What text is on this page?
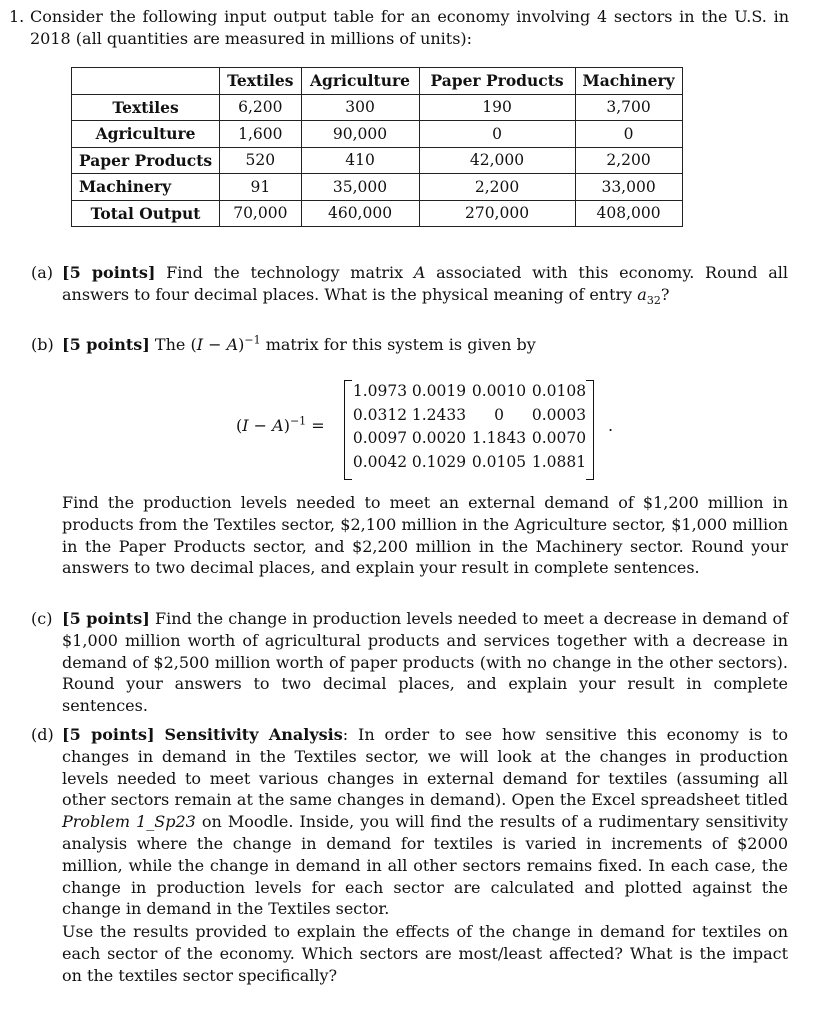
1. Consider the following input output table for an economy involving 4 sectors in the U.S. in 2018 (all quantities are measured in millions of units):
	Textiles	Agriculture	Paper Products	Machinery
Textiles	6,200	300	190	3,700
Agriculture	1,600	90,000	0	0
Paper Products	520	410	42,000	2,200
Machinery	91	35,000	2,200	33,000
Total Output	70,000	460,000	270,000	408,000
(a) [5 points] Find the technology matrix A associated with this economy. Round all answers to four decimal places. What is the physical meaning of entry $a_{32}$?
(b) [5 points] The $(I - A)^{-1}$ matrix for this system is given by
$(I - A)^{-1}$ =
1.0973 0.0019 0.0010 0.0108
0.0312 1.2433	0	0.0003
0.0097 0.0020 1.1843 0.0070
0.0042 0.1029 0.0105 1.0881
.
Find the production levels needed to meet an external demand of $1,200 million in products from the Textiles sector, $2,100 million in the Agriculture sector, $1,000 million in the Paper Products sector, and $2,200 million in the Machinery sector. Round your answers to two decimal places, and explain your result in complete sentences.
(c) [5 points] Find the change in production levels needed to meet a decrease in demand of $1,000 million worth of agricultural products and services together with a decrease in demand of $2,500 million worth of paper products (with no change in the other sectors). Round your answers to two decimal places, and explain your result in complete sentences.
(d) [5 points] Sensitivity Analysis: In order to see how sensitive this economy is to changes in demand in the Textiles sector, we will look at the changes in production levels needed to meet various changes in external demand for textiles (assuming all other sectors remain at the same changes in demand). Open the Excel spreadsheet titled Problem 1_Sp23 on Moodle. Inside, you will find the results of a rudimentary sensitivity analysis where the change in demand for textiles is varied in increments of $2000 million, while the change in demand in all other sectors remains fixed. In each case, the change in production levels for each sector are calculated and plotted against the change in demand in the Textiles sector.
Use the results provided to explain the effects of the change in demand for textiles on each sector of the economy. Which sectors are most/least affected? What is the impact on the textiles sector specifically?
